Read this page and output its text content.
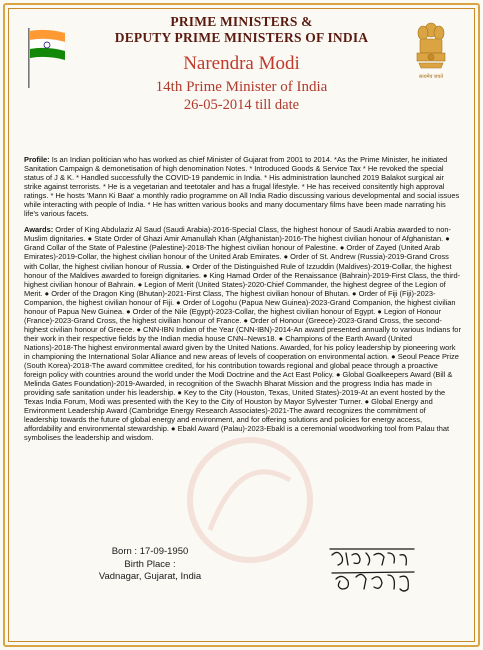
सत्यमेव जयते
PRIME MINISTERS &
DEPUTY PRIME MINISTERS OF INDIA
Narendra Modi
14th Prime Minister of India
26-05-2014 till date

Profile: Is an Indian politician who has worked as chief Minister of Gujarat from 2001 to 2014. *As the Prime Minister, he initiated Sanitation Campaign & demonetisation of high denomination Notes. * Introduced Goods & Service Tax * He revoked the special status of J & K. * Handled successfully the COVID-19 pandemic in India. * His administration launched 2019 Balakot surgical air strike against terrorists. * He is a vegetarian and teetotaler and has a frugal lifestyle. * He has received consitently high approval ratings. * He hosts 'Mann Ki Baat' a monthly radio programme on All India Radio discussing various developmental and social issues while interacting with people of India. * He has written various books and many documentary films have been made narrating his life's various facets.

Awards: Order of King Abdulaziz Al Saud (Saudi Arabia)-2016-Special Class, the highest honour of Saudi Arabia awarded to non-Muslim dignitaries. ● State Order of Ghazi Amir Amanullah Khan (Afghanistan)-2016-The highest civilian honour of Afghanistan. ● Grand Collar of the State of Palestine (Palestine)-2018-The highest civilian honour of Palestine. ● Order of Zayed (United Arab Emirates)-2019-Collar, the highest civilian honour of the United Arab Emirates. ● Order of St. Andrew (Russia)-2019-Grand Cross with Collar, the highest civilian honour of Russia. ● Order of the Distinguished Rule of Izzuddin (Maldives)-2019-Collar, the highest honour of the Maldives awarded to foreign dignitaries. ● King Hamad Order of the Renaissance (Bahrain)-2019-First Class, the third-highest civilian honour of Bahrain. ● Legion of Merit (United States)-2020-Chief Commander, the highest degree of the Legion of Merit. ● Order of the Dragon King (Bhutan)-2021-First Class, The highest civilian honour of Bhutan. ● Order of Fiji (Fiji)-2023-Companion, the highest civilian honour of Fiji. ● Order of Logohu (Papua New Guinea)-2023-Grand Companion, the highest civilian honour of Papua New Guinea. ● Order of the Nile (Egypt)-2023-Collar, the highest civilian honour of Egypt. ● Legion of Honour (France)-2023-Grand Cross, the highest civilian honour of France. ● Order of Honour (Greece)-2023-Grand Cross, the second-highest civilian honour of Greece. ● CNN-IBN Indian of the Year (CNN-IBN)-2014-An award presented annually to various Indians for their work in their respective fields by the Indian media house CNN–News18. ● Champions of the Earth Award (United Nations)-2018-The highest environmental award given by the United Nations. Awarded, for his policy leadership by pioneering work in championing the International Solar Alliance and new areas of levels of cooperation on environmental action. ● Seoul Peace Prize (South Korea)-2018-The award committee credited, for his contribution towards regional and global peace through a proactive foreign policy with countries around the world under the Modi Doctrine and the Act East Policy. ● Global Goalkeepers Award (Bill & Melinda Gates Foundation)-2019-Awarded, in recognition of the Swachh Bharat Mission and the progress India has made in providing safe sanitation under his leadership. ● Key to the City (Houston, Texas, United States)-2019-At an event hosted by the Texas India Forum, Modi was presented with the Key to the City of Houston by Mayor Sylvester Turner. ● Global Energy and Environment Leadership Award (Cambridge Energy Research Associates)-2021-The award recognizes the commitment of leadership towards the future of global energy and environment, and for offering solutions and policies for energy access, affordability and environmental stewardship. ● Ebakl Award (Palau)-2023-Ebakl is a ceremonial woodworking tool from Palau that symbolises the leadership and wisdom.

Born : 17-09-1950
Birth Place :
Vadnagar, Gujarat, India
